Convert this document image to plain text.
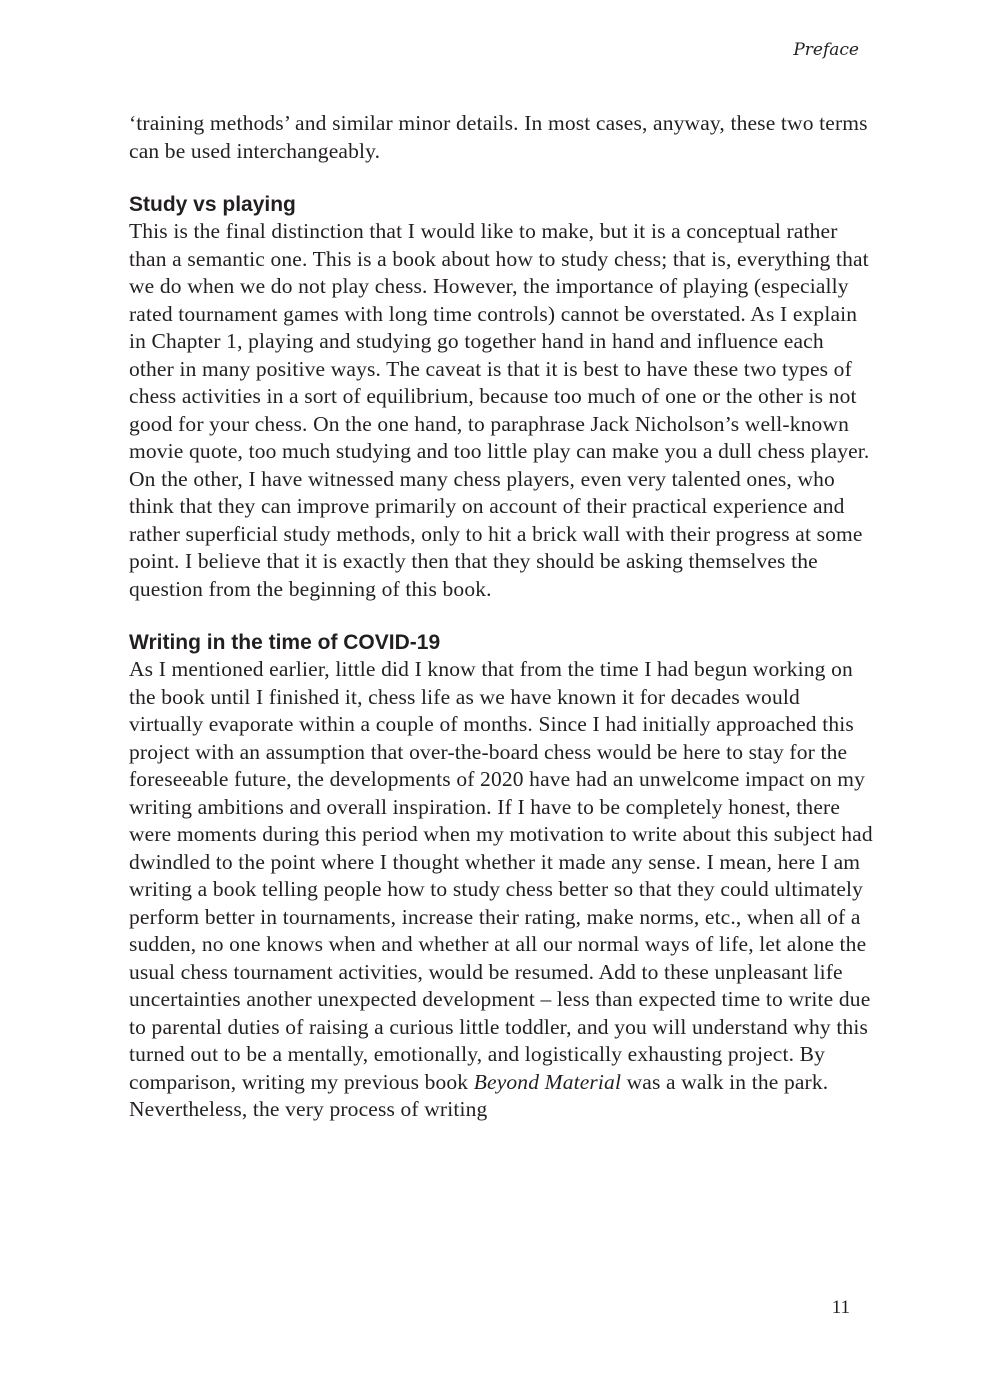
Preface

‘training methods’ and similar minor details. In most cases, anyway, these two terms can be used interchangeably.

Study vs playing

This is the final distinction that I would like to make, but it is a conceptual rather than a semantic one. This is a book about how to study chess; that is, everything that we do when we do not play chess. However, the importance of playing (especially rated tournament games with long time controls) cannot be overstated. As I explain in Chapter 1, playing and studying go together hand in hand and influence each other in many positive ways. The caveat is that it is best to have these two types of chess activities in a sort of equilibrium, because too much of one or the other is not good for your chess. On the one hand, to paraphrase Jack Nicholson’s well-known movie quote, too much studying and too little play can make you a dull chess player. On the other, I have witnessed many chess players, even very talented ones, who think that they can improve primarily on account of their practical experience and rather superficial study methods, only to hit a brick wall with their progress at some point. I believe that it is exactly then that they should be asking themselves the question from the beginning of this book.

Writing in the time of COVID-19

As I mentioned earlier, little did I know that from the time I had begun working on the book until I finished it, chess life as we have known it for decades would virtually evaporate within a couple of months. Since I had initially approached this project with an assumption that over-the-board chess would be here to stay for the foreseeable future, the developments of 2020 have had an unwelcome impact on my writing ambitions and overall inspiration. If I have to be completely honest, there were moments during this period when my motivation to write about this subject had dwindled to the point where I thought whether it made any sense. I mean, here I am writing a book telling people how to study chess better so that they could ultimately perform better in tournaments, increase their rating, make norms, etc., when all of a sudden, no one knows when and whether at all our normal ways of life, let alone the usual chess tournament activities, would be resumed. Add to these unpleasant life uncertainties another unexpected development – less than expected time to write due to parental duties of raising a curious little toddler, and you will understand why this turned out to be a mentally, emotionally, and logistically exhausting project. By comparison, writing my previous book Beyond Material was a walk in the park. Nevertheless, the very process of writing

11
